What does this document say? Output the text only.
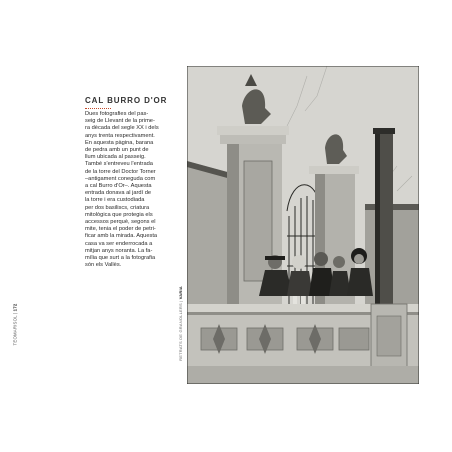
TEOMARISOL | 172
CAL BURRO D'OR
Dues fotografies del pas-
seig de Llevant de la prime-
ra dècada del segle XX i dels
anys trenta respectivament.
En aquesta pàgina, barana
de pedra amb un punt de
llum ubicada al passeig.
També s'entreveu l'entrada
de la torre del Doctor Torner
–antigament coneguda com
a cal Burro d'Or–. Aquesta
entrada donava al jardí de
la torre i era custodiada
per dos basiliscs, criatura
mitològica que protegia els
accessos perquè, segons el
mite, tenia el poder de petri-
ficar amb la mirada. Aquesta
casa va ser enderrocada a
mitjan anys noranta. La fa-
mília que surt a la fotografia
són els Vallès.
RETRATS DE GRANOLLERS | VARIA
